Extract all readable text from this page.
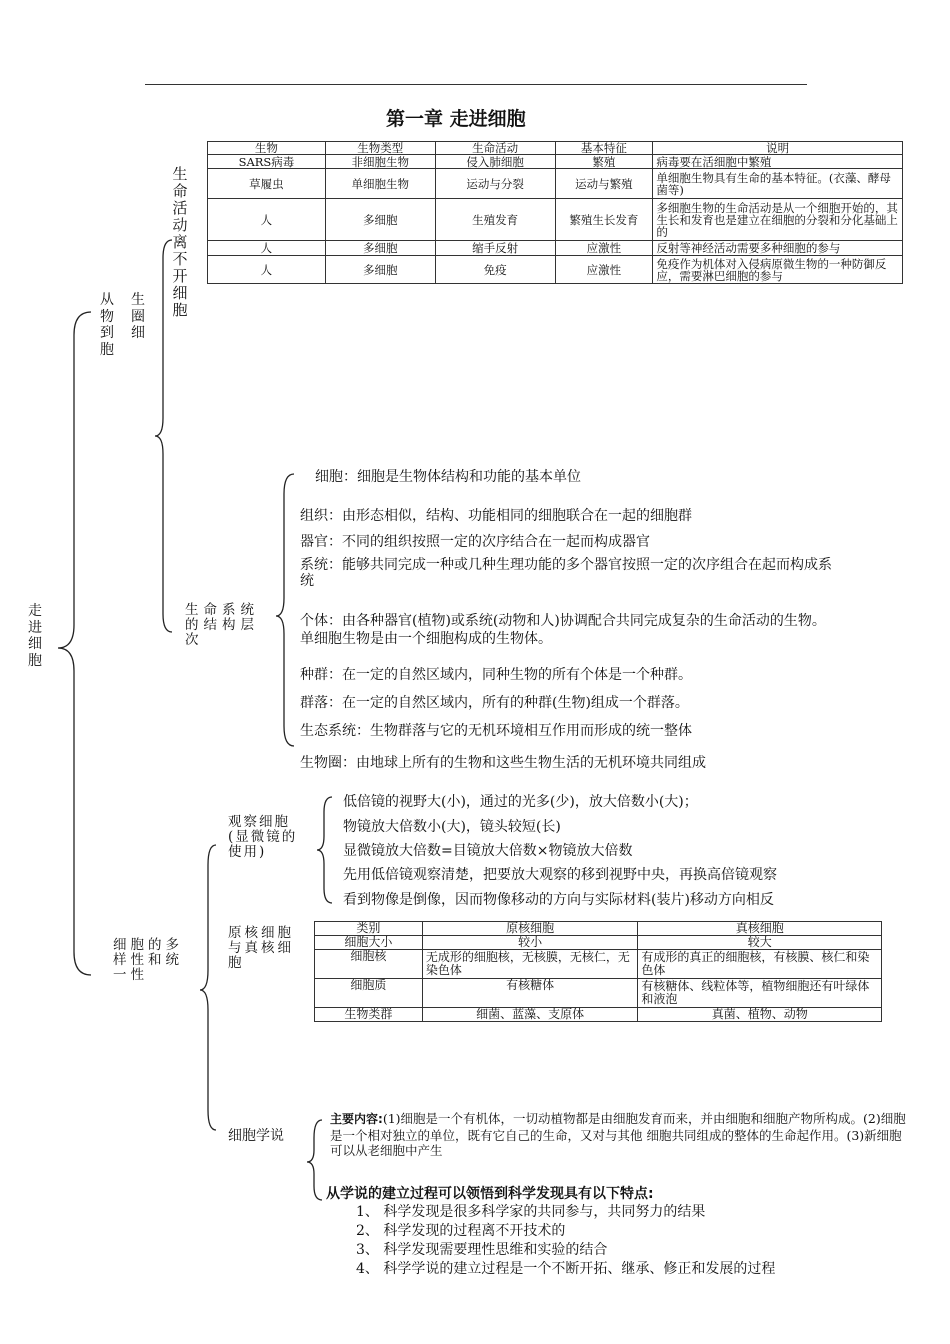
第一章 走进细胞
走进细胞
从物到胞
生圈细
生命活动离不开细胞
生物	生物类型	生命活动	基本特征	说明
SARS病毒	非细胞生物	侵入肺细胞	繁殖	病毒要在活细胞中繁殖
草履虫	单细胞生物	运动与分裂	运动与繁殖	单细胞生物具有生命的基本特征。(衣藻、酵母菌等)
人	多细胞	生殖发育	繁殖生长发育	多细胞生物的生命活动是从一个细胞开始的，其生长和发育也是建立在细胞的分裂和分化基础上的
人	多细胞	缩手反射	应激性	反射等神经活动需要多种细胞的参与
人	多细胞	免疫	应激性	免疫作为机体对入侵病原微生物的一种防御反应，需要淋巴细胞的参与
生命系统的结构层次
细胞：细胞是生物体结构和功能的基本单位
组织：由形态相似，结构、功能相同的细胞联合在一起的细胞群
器官：不同的组织按照一定的次序结合在一起而构成器官
系统：能够共同完成一种或几种生理功能的多个器官按照一定的次序组合在起而构成系统
个体：由各种器官(植物)或系统(动物和人)协调配合共同完成复杂的生命活动的生物。单细胞生物是由一个细胞构成的生物体。
种群：在一定的自然区域内，同种生物的所有个体是一个种群。
群落：在一定的自然区域内，所有的种群(生物)组成一个群落。
生态系统：生物群落与它的无机环境相互作用而形成的统一整体
生物圈：由地球上所有的生物和这些生物生活的无机环境共同组成
细胞的多样性和统一性
观察细胞(显微镜的使用)
低倍镜的视野大(小)，通过的光多(少)，放大倍数小(大)；
物镜放大倍数小(大)，镜头较短(长)
显微镜放大倍数=目镜放大倍数×物镜放大倍数
先用低倍镜观察清楚，把要放大观察的移到视野中央，再换高倍镜观察
看到物像是倒像，因而物像移动的方向与实际材料(装片)移动方向相反
原核细胞与真核细胞
类别	原核细胞	真核细胞
细胞大小	较小	较大
细胞核	无成形的细胞核，无核膜，无核仁，无染色体	有成形的真正的细胞核，有核膜、核仁和染色体
细胞质	有核糖体	有核糖体、线粒体等，植物细胞还有叶绿体和液泡
生物类群	细菌、蓝藻、支原体	真菌、植物、动物
细胞学说
主要内容:(1)细胞是一个有机体，一切动植物都是由细胞发育而来，并由细胞和细胞产物所构成。(2)细胞是一个相对独立的单位，既有它自己的生命，又对与其他 细胞共同组成的整体的生命起作用。(3)新细胞可以从老细胞中产生
从学说的建立过程可以领悟到科学发现具有以下特点:
1、 科学发现是很多科学家的共同参与，共同努力的结果
2、 科学发现的过程离不开技术的
3、 科学发现需要理性思维和实验的结合
4、 科学学说的建立过程是一个不断开拓、继承、修正和发展的过程
